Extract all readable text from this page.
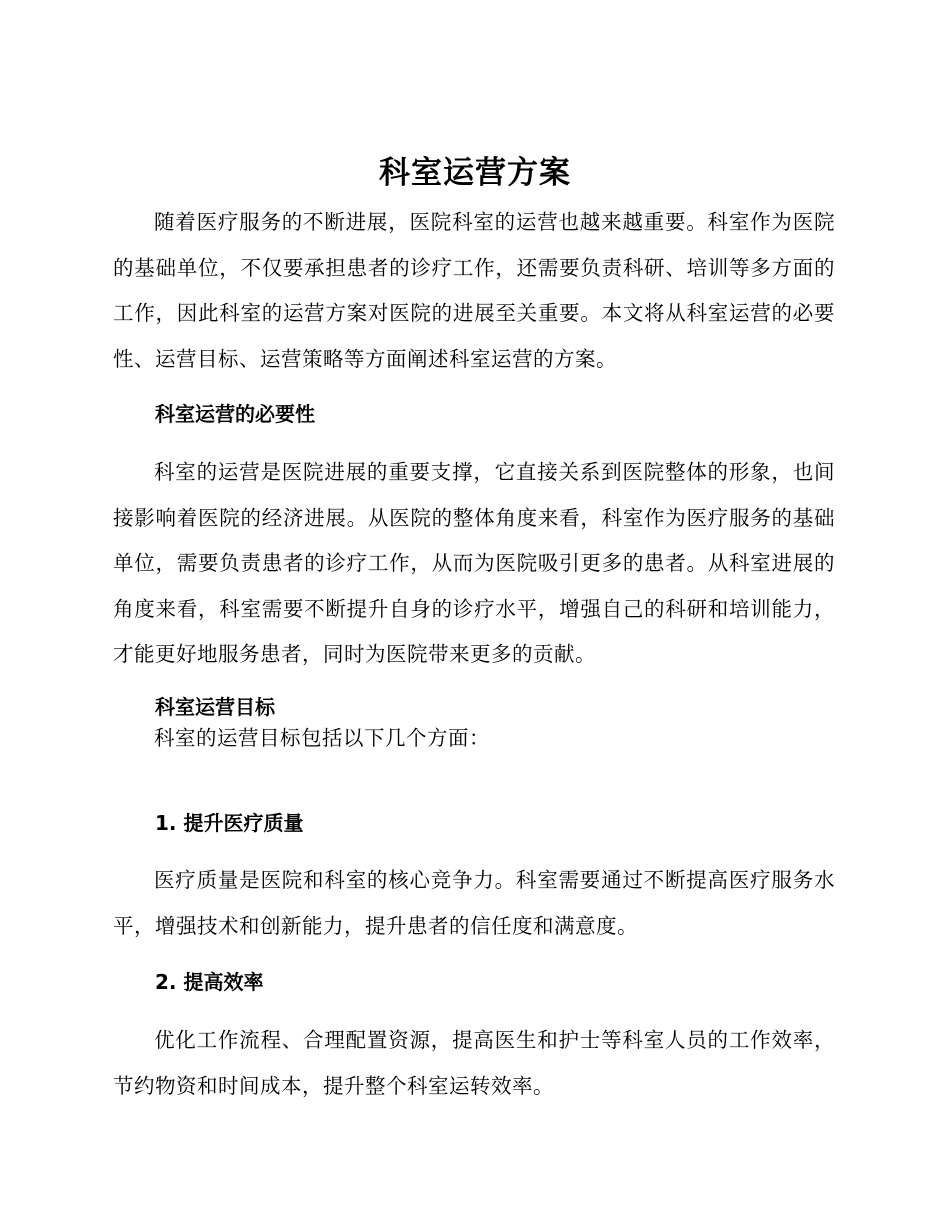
科室运营方案

随着医疗服务的不断进展，医院科室的运营也越来越重要。科室作为医院的基础单位，不仅要承担患者的诊疗工作，还需要负责科研、培训等多方面的工作，因此科室的运营方案对医院的进展至关重要。本文将从科室运营的必要性、运营目标、运营策略等方面阐述科室运营的方案。

科室运营的必要性

科室的运营是医院进展的重要支撑，它直接关系到医院整体的形象，也间接影响着医院的经济进展。从医院的整体角度来看，科室作为医疗服务的基础单位，需要负责患者的诊疗工作，从而为医院吸引更多的患者。从科室进展的角度来看，科室需要不断提升自身的诊疗水平，增强自己的科研和培训能力，才能更好地服务患者，同时为医院带来更多的贡献。

科室运营目标

科室的运营目标包括以下几个方面：

1. 提升医疗质量

医疗质量是医院和科室的核心竞争力。科室需要通过不断提高医疗服务水平，增强技术和创新能力，提升患者的信任度和满意度。

2. 提高效率

优化工作流程、合理配置资源，提高医生和护士等科室人员的工作效率，节约物资和时间成本，提升整个科室运转效率。
